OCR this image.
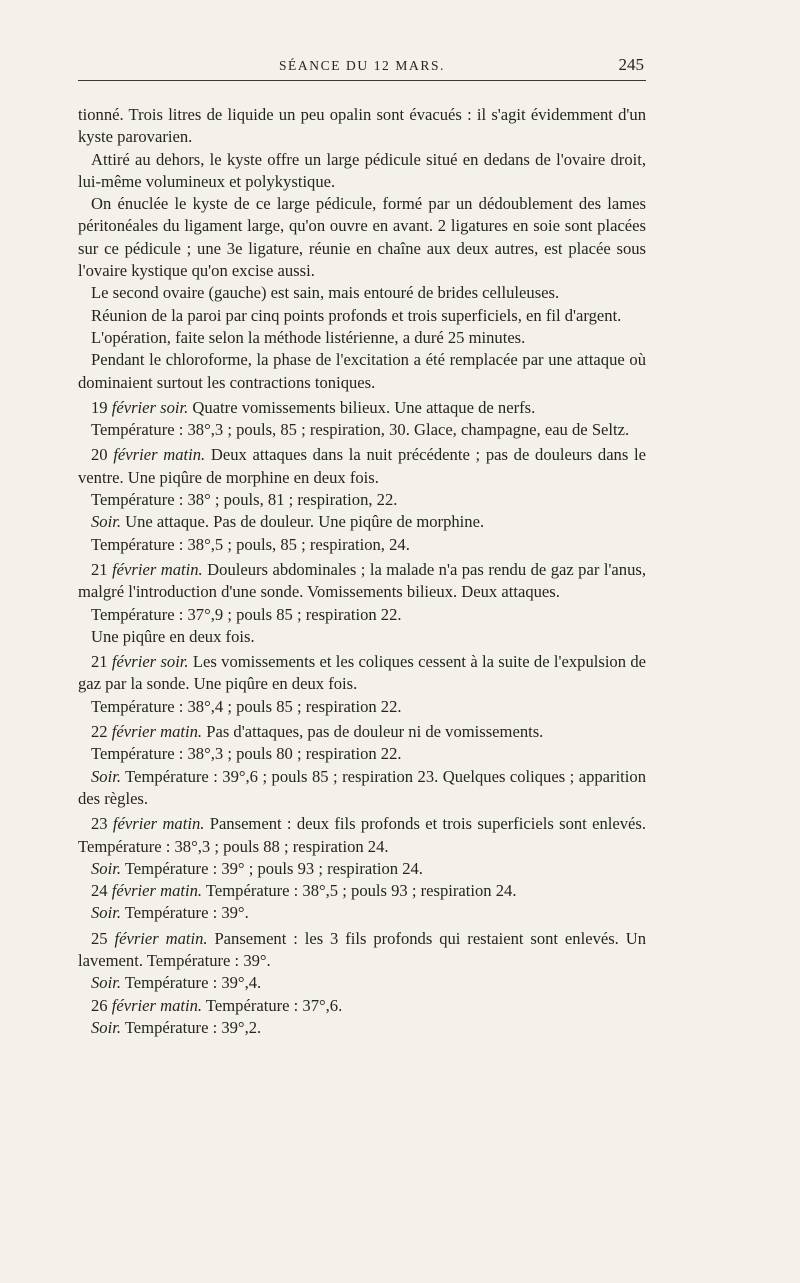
SÉANCE DU 12 MARS.	245

tionné. Trois litres de liquide un peu opalin sont évacués : il s'agit évidemment d'un kyste parovarien.

Attiré au dehors, le kyste offre un large pédicule situé en dedans de l'ovaire droit, lui-même volumineux et polykystique.

On énuclée le kyste de ce large pédicule, formé par un dédoublement des lames péritonéales du ligament large, qu'on ouvre en avant. 2 ligatures en soie sont placées sur ce pédicule ; une 3e ligature, réunie en chaîne aux deux autres, est placée sous l'ovaire kystique qu'on excise aussi.

Le second ovaire (gauche) est sain, mais entouré de brides celluleuses.

Réunion de la paroi par cinq points profonds et trois superficiels, en fil d'argent.

L'opération, faite selon la méthode listérienne, a duré 25 minutes.

Pendant le chloroforme, la phase de l'excitation a été remplacée par une attaque où dominaient surtout les contractions toniques.

19 février soir. Quatre vomissements bilieux. Une attaque de nerfs.

Température : 38°,3 ; pouls, 85 ; respiration, 30. Glace, champagne, eau de Seltz.

20 février matin. Deux attaques dans la nuit précédente ; pas de douleurs dans le ventre. Une piqûre de morphine en deux fois.

Température : 38° ; pouls, 81 ; respiration, 22.

Soir. Une attaque. Pas de douleur. Une piqûre de morphine.

Température : 38°,5 ; pouls, 85 ; respiration, 24.

21 février matin. Douleurs abdominales ; la malade n'a pas rendu de gaz par l'anus, malgré l'introduction d'une sonde. Vomissements bilieux. Deux attaques.

Température : 37°,9 ; pouls 85 ; respiration 22.

Une piqûre en deux fois.

21 février soir. Les vomissements et les coliques cessent à la suite de l'expulsion de gaz par la sonde. Une piqûre en deux fois.

Température : 38°,4 ; pouls 85 ; respiration 22.

22 février matin. Pas d'attaques, pas de douleur ni de vomissements.

Température : 38°,3 ; pouls 80 ; respiration 22.

Soir. Température : 39°,6 ; pouls 85 ; respiration 23. Quelques coliques ; apparition des règles.

23 février matin. Pansement : deux fils profonds et trois superficiels sont enlevés. Température : 38°,3 ; pouls 88 ; respiration 24.

Soir. Température : 39° ; pouls 93 ; respiration 24.

24 février matin. Température : 38°,5 ; pouls 93 ; respiration 24.

Soir. Température : 39°.

25 février matin. Pansement : les 3 fils profonds qui restaient sont enlevés. Un lavement. Température : 39°.

Soir. Température : 39°,4.

26 février matin. Température : 37°,6.

Soir. Température : 39°,2.
